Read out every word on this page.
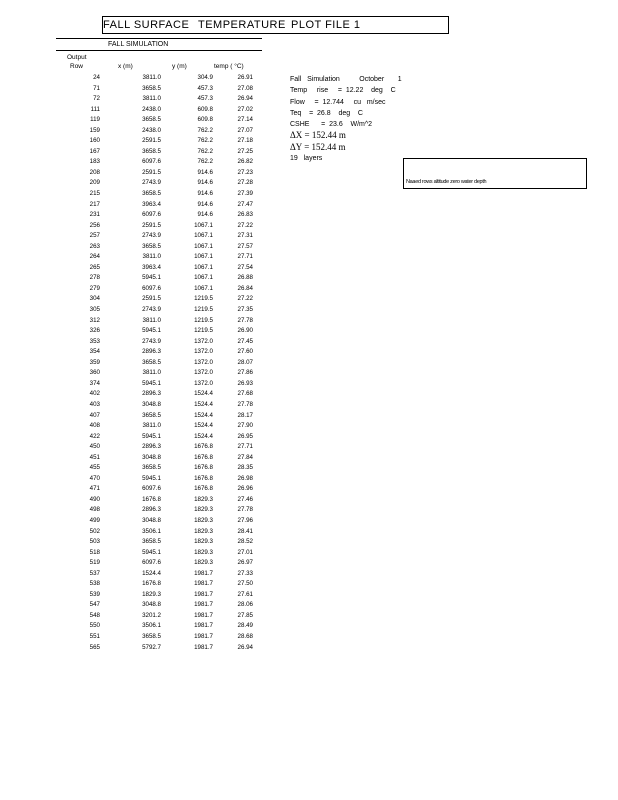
FALL SURFACE TEMPERATURE PLOT FILE 1
FALL SIMULATION
Output
Row	x (m)	y (m)	temp ( °C)
24	3811.0	304.9	26.91
71	3658.5	457.3	27.08
72	3811.0	457.3	26.94
111	2438.0	609.8	27.02
119	3658.5	609.8	27.14
159	2438.0	762.2	27.07
160	2591.5	762.2	27.18
167	3658.5	762.2	27.25
183	6097.6	762.2	26.82
208	2591.5	914.6	27.23
209	2743.9	914.6	27.28
215	3658.5	914.6	27.39
217	3963.4	914.6	27.47
231	6097.6	914.6	26.83
256	2591.5	1067.1	27.22
257	2743.9	1067.1	27.31
263	3658.5	1067.1	27.57
264	3811.0	1067.1	27.71
265	3963.4	1067.1	27.54
278	5945.1	1067.1	26.88
279	6097.6	1067.1	26.84
304	2591.5	1219.5	27.22
305	2743.9	1219.5	27.35
312	3811.0	1219.5	27.78
326	5945.1	1219.5	26.90
353	2743.9	1372.0	27.45
354	2896.3	1372.0	27.60
359	3658.5	1372.0	28.07
360	3811.0	1372.0	27.86
374	5945.1	1372.0	26.93
402	2896.3	1524.4	27.68
403	3048.8	1524.4	27.78
407	3658.5	1524.4	28.17
408	3811.0	1524.4	27.90
422	5945.1	1524.4	26.95
450	2896.3	1676.8	27.71
451	3048.8	1676.8	27.84
455	3658.5	1676.8	28.35
470	5945.1	1676.8	26.98
471	6097.6	1676.8	26.96
490	1676.8	1829.3	27.46
498	2896.3	1829.3	27.78
499	3048.8	1829.3	27.96
502	3506.1	1829.3	28.41
503	3658.5	1829.3	28.52
518	5945.1	1829.3	27.01
519	6097.6	1829.3	26.97
537	1524.4	1981.7	27.33
538	1676.8	1981.7	27.50
539	1829.3	1981.7	27.61
547	3048.8	1981.7	28.06
548	3201.2	1981.7	27.85
550	3506.1	1981.7	28.49
551	3658.5	1981.7	28.68
565	5792.7	1981.7	26.94
Fall   Simulation          October       1
Temp     rise     =  12.22    deg    C
Flow     =  12.744     cu   m/sec
Teq    =  26.8    deg    C
CSHE      =  23.6    W/m^2
ΔX = 152.44 m
ΔY = 152.44 m
19   layers
Naaed rows altitude zero water depth
